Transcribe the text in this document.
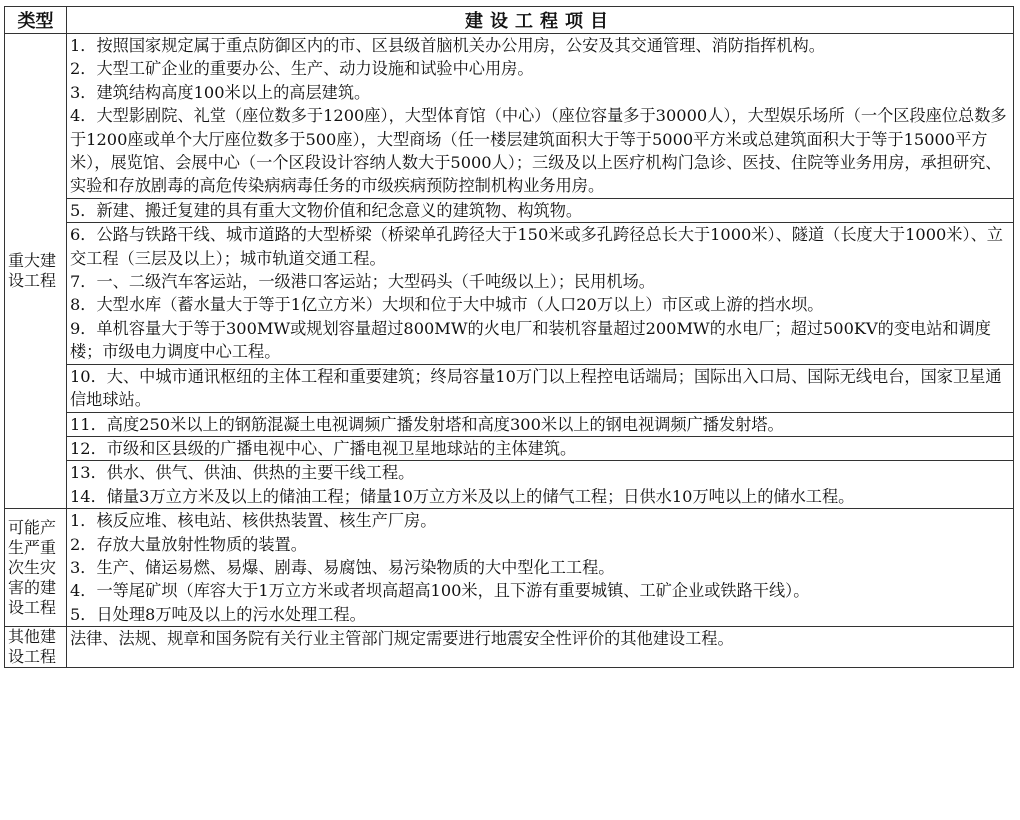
类型	建设工程项目
重大建设工程	1．按照国家规定属于重点防御区内的市、区县级首脑机关办公用房，公安及其交通管理、消防指挥机构。
2．大型工矿企业的重要办公、生产、动力设施和试验中心用房。
3．建筑结构高度100米以上的高层建筑。
4．大型影剧院、礼堂（座位数多于1200座），大型体育馆（中心）（座位容量多于30000人），大型娱乐场所（一个区段座位总数多于1200座或单个大厅座位数多于500座），大型商场（任一楼层建筑面积大于等于5000平方米或总建筑面积大于等于15000平方米），展览馆、会展中心（一个区段设计容纳人数大于5000人）；三级及以上医疗机构门急诊、医技、住院等业务用房，承担研究、实验和存放剧毒的高危传染病病毒任务的市级疾病预防控制机构业务用房。

	5．新建、搬迁复建的具有重大文物价值和纪念意义的建筑物、构筑物。

	6．公路与铁路干线、城市道路的大型桥梁（桥梁单孔跨径大于150米或多孔跨径总长大于1000米）、隧道（长度大于1000米）、立交工程（三层及以上）；城市轨道交通工程。
7．一、二级汽车客运站，一级港口客运站；大型码头（千吨级以上）；民用机场。
8．大型水库（蓄水量大于等于1亿立方米）大坝和位于大中城市（人口20万以上）市区或上游的挡水坝。
9．单机容量大于等于300MW或规划容量超过800MW的火电厂和装机容量超过200MW的水电厂；超过500KV的变电站和调度楼；市级电力调度中心工程。

	10．大、中城市通讯枢纽的主体工程和重要建筑；终局容量10万门以上程控电话端局；国际出入口局、国际无线电台，国家卫星通信地球站。

	11．高度250米以上的钢筋混凝土电视调频广播发射塔和高度300米以上的钢电视调频广播发射塔。

	12．市级和区县级的广播电视中心、广播电视卫星地球站的主体建筑。

	13．供水、供气、供油、供热的主要干线工程。
14．储量3万立方米及以上的储油工程；储量10万立方米及以上的储气工程；日供水10万吨以上的储水工程。

可能产生严重次生灾害的建设工程	1．核反应堆、核电站、核供热装置、核生产厂房。
2．存放大量放射性物质的装置。
3．生产、储运易燃、易爆、剧毒、易腐蚀、易污染物质的大中型化工工程。
4．一等尾矿坝（库容大于1万立方米或者坝高超高100米，且下游有重要城镇、工矿企业或铁路干线）。
5．日处理8万吨及以上的污水处理工程。

其他建设工程	法律、法规、规章和国务院有关行业主管部门规定需要进行地震安全性评价的其他建设工程。
